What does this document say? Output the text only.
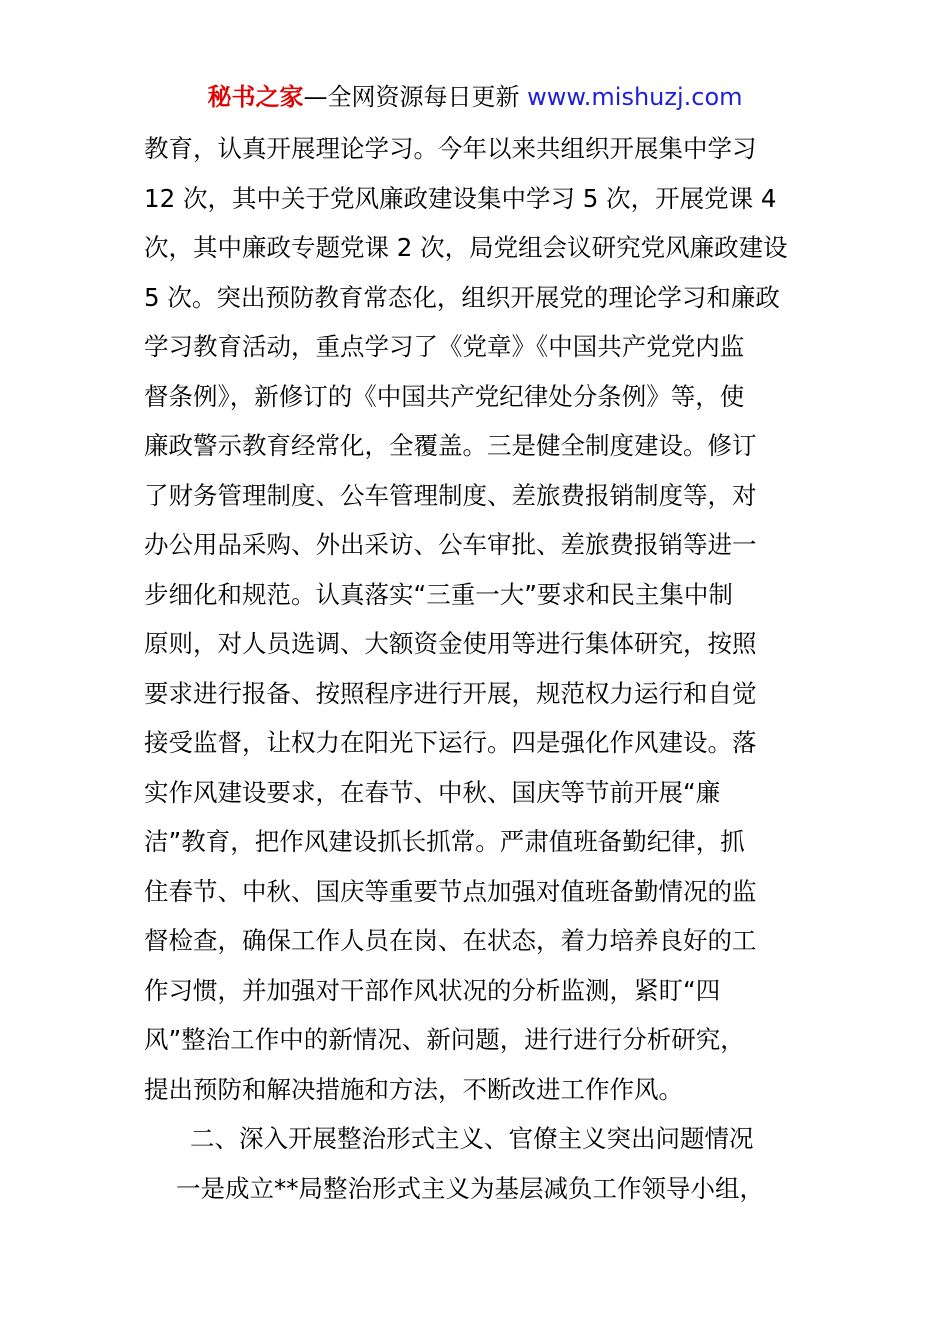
秘书之家—全网资源每日更新 www.mishuzj.com
教育，认真开展理论学习。今年以来共组织开展集中学习
12 次，其中关于党风廉政建设集中学习 5 次，开展党课 4
次，其中廉政专题党课 2 次，局党组会议研究党风廉政建设
5 次。突出预防教育常态化，组织开展党的理论学习和廉政
学习教育活动，重点学习了《党章》《中国共产党党内监
督条例》，新修订的《中国共产党纪律处分条例》等，使
廉政警示教育经常化，全覆盖。三是健全制度建设。修订
了财务管理制度、公车管理制度、差旅费报销制度等，对
办公用品采购、外出采访、公车审批、差旅费报销等进一
步细化和规范。认真落实“三重一大”要求和民主集中制
原则，对人员选调、大额资金使用等进行集体研究，按照
要求进行报备、按照程序进行开展，规范权力运行和自觉
接受监督，让权力在阳光下运行。四是强化作风建设。落
实作风建设要求，在春节、中秋、国庆等节前开展“廉
洁”教育，把作风建设抓长抓常。严肃值班备勤纪律，抓
住春节、中秋、国庆等重要节点加强对值班备勤情况的监
督检查，确保工作人员在岗、在状态，着力培养良好的工
作习惯，并加强对干部作风状况的分析监测，紧盯“四
风”整治工作中的新情况、新问题，进行进行分析研究，
提出预防和解决措施和方法，不断改进工作作风。
二、深入开展整治形式主义、官僚主义突出问题情况
一是成立**局整治形式主义为基层减负工作领导小组，
